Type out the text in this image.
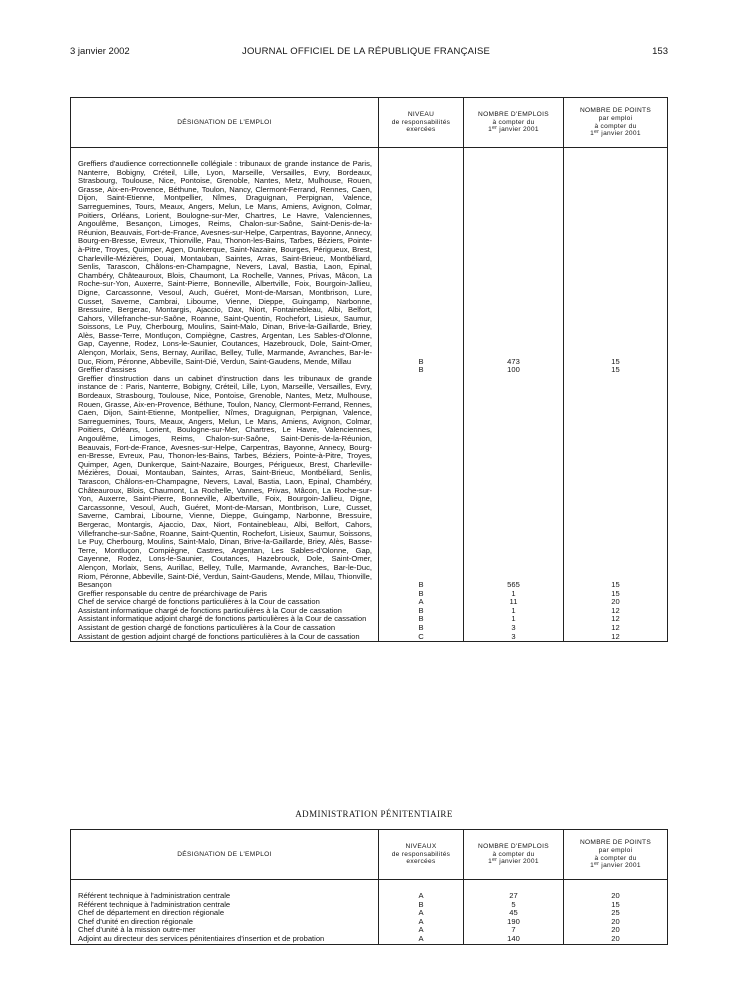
3 janvier 2002	JOURNAL OFFICIEL DE LA RÉPUBLIQUE FRANÇAISE	153
DÉSIGNATION DE L'EMPLOI	NIVEAU
de responsabilités
exercées	NOMBRE D'EMPLOIS
à compter du
1er janvier 2001	NOMBRE DE POINTS
par emploi
à compter du
1er janvier 2001

Greffiers d'audience correctionnelle collégiale : tribunaux de grande instance de Paris, Nanterre, Bobigny, Créteil, Lille, Lyon, Marseille, Versailles, Evry, Bordeaux, Strasbourg, Toulouse, Nice, Pontoise, Grenoble, Nantes, Metz, Mulhouse, Rouen, Grasse, Aix-en-Provence, Béthune, Toulon, Nancy, Clermont-Ferrand, Rennes, Caen, Dijon, Saint-Etienne, Montpellier, Nîmes, Draguignan, Perpignan, Valence, Sarreguemines, Tours, Meaux, Angers, Melun, Le Mans, Amiens, Avignon, Colmar, Poitiers, Orléans, Lorient, Boulogne-sur-Mer, Chartres, Le Havre, Valenciennes, Angoulême, Besançon, Limoges, Reims, Chalon-sur-Saône, Saint-Denis-de-la-Réunion, Beauvais, Fort-de-France, Avesnes-sur-Helpe, Carpentras, Bayonne, Annecy, Bourg-en-Bresse, Evreux, Thionville, Pau, Thonon-les-Bains, Tarbes, Béziers, Pointe-à-Pitre, Troyes, Quimper, Agen, Dunkerque, Saint-Nazaire, Bourges, Périgueux, Brest, Charleville-Mézières, Douai, Montauban, Saintes, Arras, Saint-Brieuc, Montbéliard, Senlis, Tarascon, Châlons-en-Champagne, Nevers, Laval, Bastia, Laon, Epinal, Chambéry, Châteauroux, Blois, Chaumont, La Rochelle, Vannes, Privas, Mâcon, La Roche-sur-Yon, Auxerre, Saint-Pierre, Bonneville, Albertville, Foix, Bourgoin-Jallieu, Digne, Carcassonne, Vesoul, Auch, Guéret, Mont-de-Marsan, Montbrison, Lure, Cusset, Saverne, Cambrai, Libourne, Vienne, Dieppe, Guingamp, Narbonne, Bressuire, Bergerac, Montargis, Ajaccio, Dax, Niort, Fontainebleau, Albi, Belfort, Cahors, Villefranche-sur-Saône, Roanne, Saint-Quentin, Rochefort, Lisieux, Saumur, Soissons, Le Puy, Cherbourg, Moulins, Saint-Malo, Dinan, Brive-la-Gaillarde, Briey, Alès, Basse-Terre, Montluçon, Compiègne, Castres, Argentan, Les Sables-d'Olonne, Gap, Cayenne, Rodez, Lons-le-Saunier, Coutances, Hazebrouck, Dole, Saint-Omer, Alençon, Morlaix, Sens, Bernay, Aurillac, Belley, Tulle, Marmande, Avranches, Bar-le-Duc, Riom, Péronne, Abbeville, Saint-Dié, Verdun, Saint-Gaudens, Mende, Millau	B	473	15
Greffier d'assises	B	100	15
Greffier d'instruction dans un cabinet d'instruction dans les tribunaux de grande instance de : Paris, Nanterre, Bobigny, Créteil, Lille, Lyon, Marseille, Versailles, Evry, Bordeaux, Strasbourg, Toulouse, Nice, Pontoise, Grenoble, Nantes, Metz, Mulhouse, Rouen, Grasse, Aix-en-Provence, Béthune, Toulon, Nancy, Clermont-Ferrand, Rennes, Caen, Dijon, Saint-Etienne, Montpellier, Nîmes, Draguignan, Perpignan, Valence, Sarreguemines, Tours, Meaux, Angers, Melun, Le Mans, Amiens, Avignon, Colmar, Poitiers, Orléans, Lorient, Boulogne-sur-Mer, Chartres, Le Havre, Valenciennes, Angoulême, Limoges, Reims, Chalon-sur-Saône, Saint-Denis-de-la-Réunion, Beauvais, Fort-de-France, Avesnes-sur-Helpe, Carpentras, Bayonne, Annecy, Bourg-en-Bresse, Evreux, Pau, Thonon-les-Bains, Tarbes, Béziers, Pointe-à-Pitre, Troyes, Quimper, Agen, Dunkerque, Saint-Nazaire, Bourges, Périgueux, Brest, Charleville-Mézières, Douai, Montauban, Saintes, Arras, Saint-Brieuc, Montbéliard, Senlis, Tarascon, Châlons-en-Champagne, Nevers, Laval, Bastia, Laon, Epinal, Chambéry, Châteauroux, Blois, Chaumont, La Rochelle, Vannes, Privas, Mâcon, La Roche-sur-Yon, Auxerre, Saint-Pierre, Bonneville, Albertville, Foix, Bourgoin-Jallieu, Digne, Carcassonne, Vesoul, Auch, Guéret, Mont-de-Marsan, Montbrison, Lure, Cusset, Saverne, Cambrai, Libourne, Vienne, Dieppe, Guingamp, Narbonne, Bressuire, Bergerac, Montargis, Ajaccio, Dax, Niort, Fontainebleau, Albi, Belfort, Cahors, Villefranche-sur-Saône, Roanne, Saint-Quentin, Rochefort, Lisieux, Saumur, Soissons, Le Puy, Cherbourg, Moulins, Saint-Malo, Dinan, Brive-la-Gaillarde, Briey, Alès, Basse-Terre, Montluçon, Compiègne, Castres, Argentan, Les Sables-d'Olonne, Gap, Cayenne, Rodez, Lons-le-Saunier, Coutances, Hazebrouck, Dole, Saint-Omer, Alençon, Morlaix, Sens, Aurillac, Belley, Tulle, Marmande, Avranches, Bar-le-Duc, Riom, Péronne, Abbeville, Saint-Dié, Verdun, Saint-Gaudens, Mende, Millau, Thionville, Besançon	B	565	15
Greffier responsable du centre de préarchivage de Paris	B	1	15
Chef de service chargé de fonctions particulières à la Cour de cassation	A	11	20
Assistant informatique chargé de fonctions particulières à la Cour de cassation	B	1	12
Assistant informatique adjoint chargé de fonctions particulières à la Cour de cassation	B	1	12
Assistant de gestion chargé de fonctions particulières à la Cour de cassation	B	3	12
Assistant de gestion adjoint chargé de fonctions particulières à la Cour de cassation	C	3	12
ADMINISTRATION PÉNITENTIAIRE
DÉSIGNATION DE L'EMPLOI	NIVEAUX
de responsabilités
exercées	NOMBRE D'EMPLOIS
à compter du
1er janvier 2001	NOMBRE DE POINTS
par emploi
à compter du
1er janvier 2001

Référent technique à l'administration centrale	A	27	20
Référent technique à l'administration centrale	B	5	15
Chef de département en direction régionale	A	45	25
Chef d'unité en direction régionale	A	190	20
Chef d'unité à la mission outre-mer	A	7	20
Adjoint au directeur des services pénitentiaires d'insertion et de probation	A	140	20
